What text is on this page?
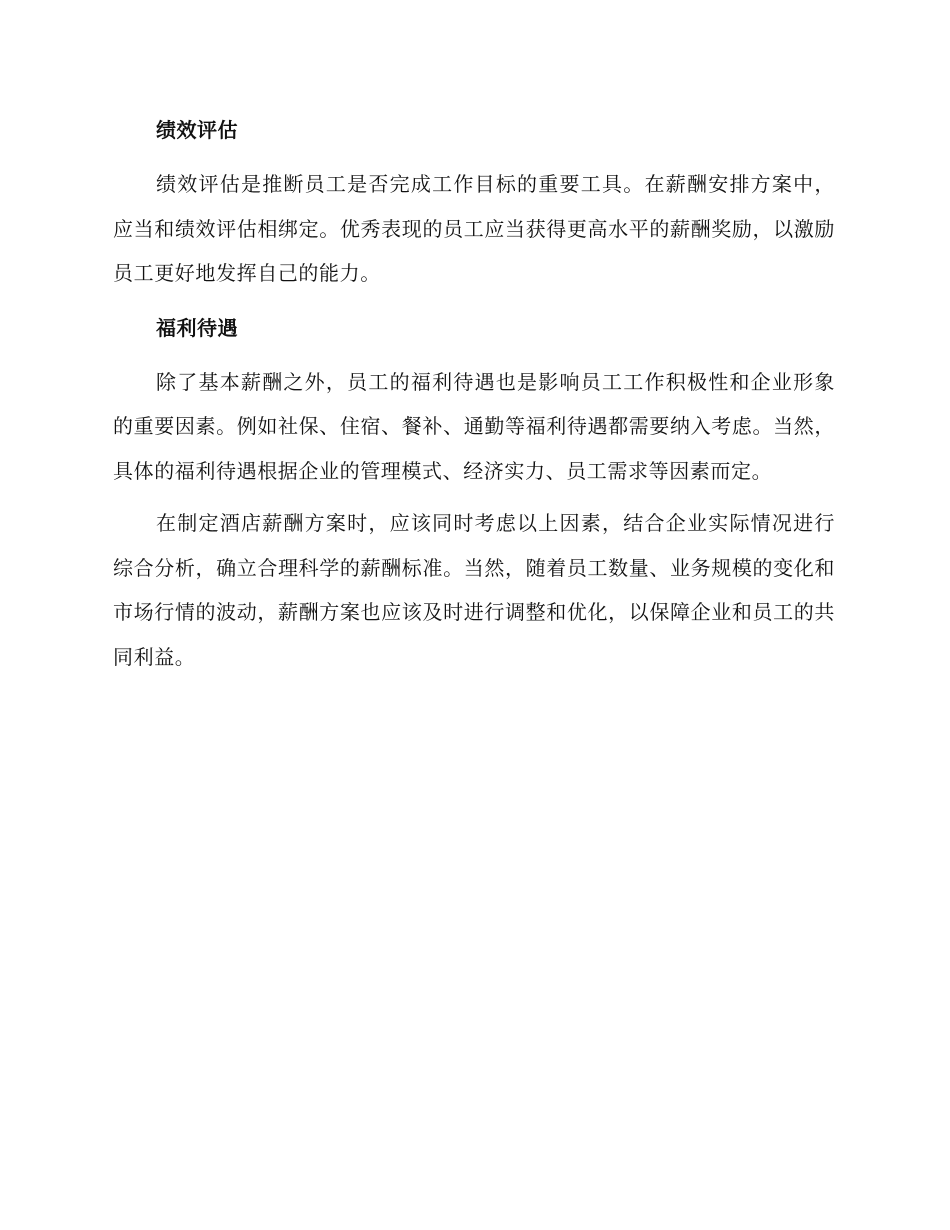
绩效评估

绩效评估是推断员工是否完成工作目标的重要工具。在薪酬安排方案中，应当和绩效评估相绑定。优秀表现的员工应当获得更高水平的薪酬奖励，以激励员工更好地发挥自己的能力。

福利待遇

除了基本薪酬之外，员工的福利待遇也是影响员工工作积极性和企业形象的重要因素。例如社保、住宿、餐补、通勤等福利待遇都需要纳入考虑。当然，具体的福利待遇根据企业的管理模式、经济实力、员工需求等因素而定。

在制定酒店薪酬方案时，应该同时考虑以上因素，结合企业实际情况进行综合分析，确立合理科学的薪酬标准。当然，随着员工数量、业务规模的变化和市场行情的波动，薪酬方案也应该及时进行调整和优化，以保障企业和员工的共同利益。
